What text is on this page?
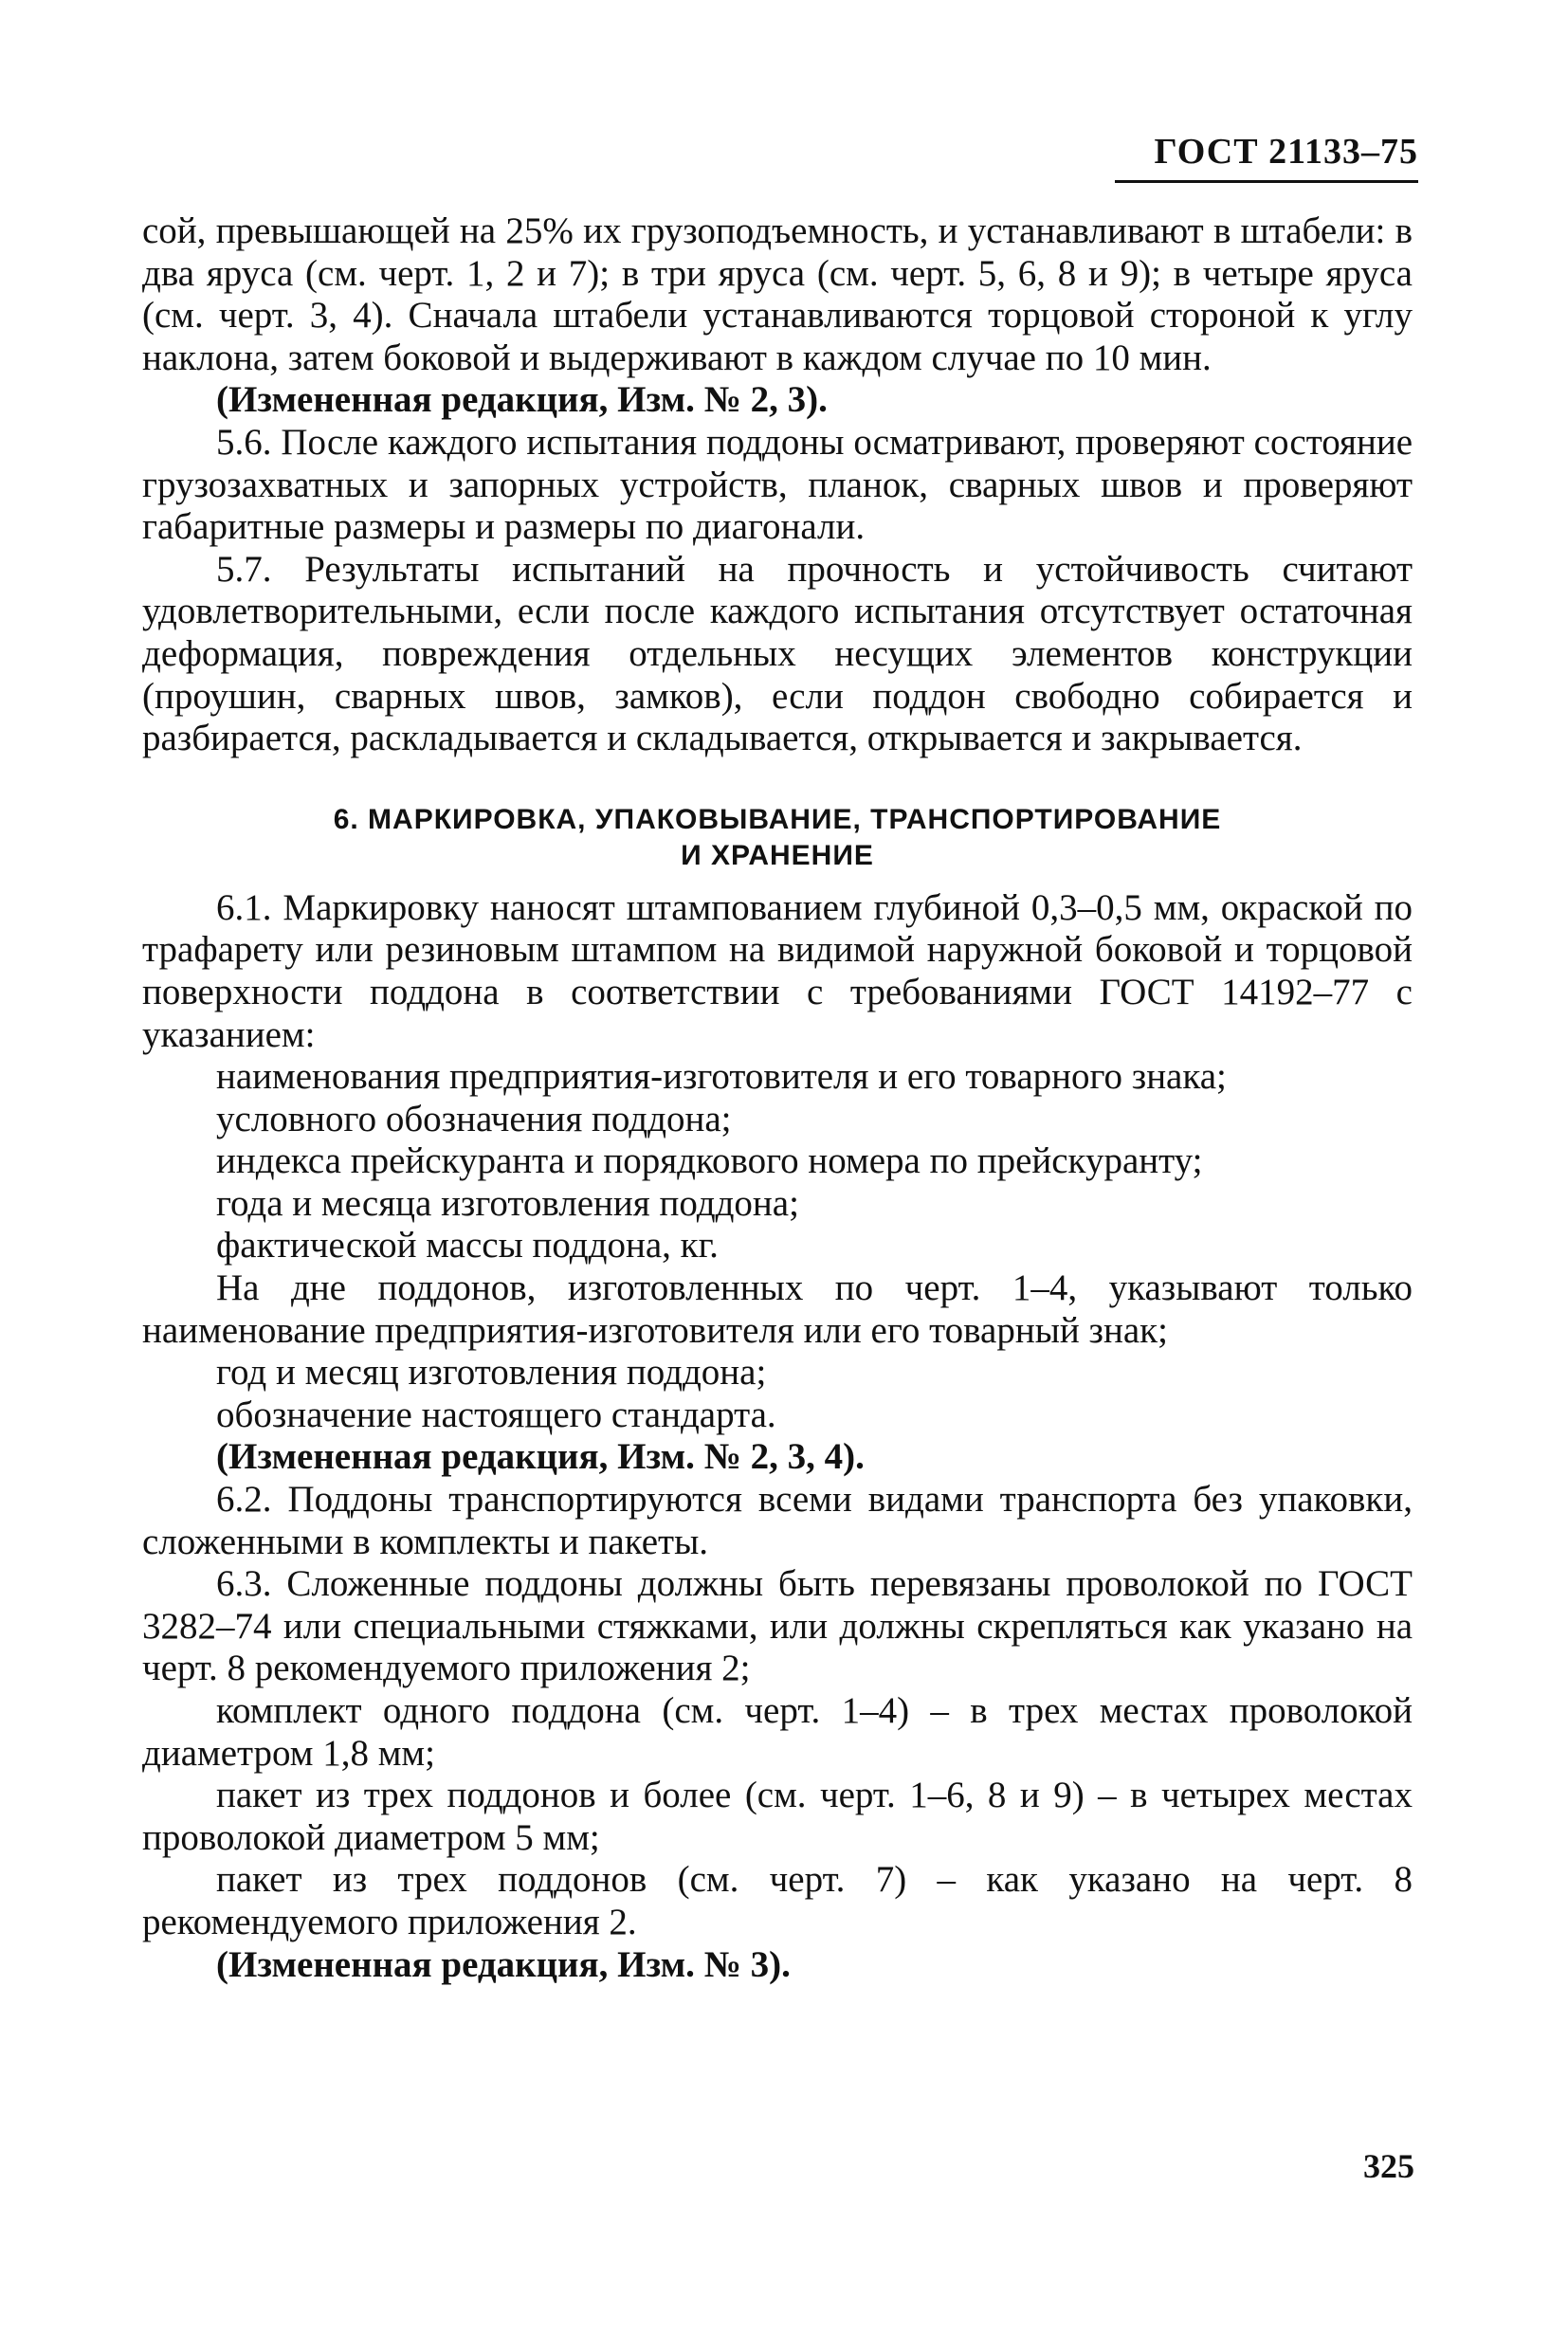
ГОСТ 21133–75

сой, превышающей на 25% их грузоподъемность, и устанавливают в штабели: в два яруса (см. черт. 1, 2 и 7); в три яруса (см. черт. 5, 6, 8 и 9); в четыре яруса (см. черт. 3, 4). Сначала штабели устанавливаются торцовой стороной к углу наклона, затем боковой и выдерживают в каждом случае по 10 мин.

(Измененная редакция, Изм. № 2, 3).

5.6. После каждого испытания поддоны осматривают, проверяют состояние грузозахватных и запорных устройств, планок, сварных швов и проверяют габаритные размеры и размеры по диагонали.

5.7. Результаты испытаний на прочность и устойчивость считают удовлетворительными, если после каждого испытания отсутствует остаточная деформация, повреждения отдельных несущих элементов конструкции (проушин, сварных швов, замков), если поддон свободно собирается и разбирается, раскладывается и складывается, открывается и закрывается.

6. МАРКИРОВКА, УПАКОВЫВАНИЕ, ТРАНСПОРТИРОВАНИЕ
И ХРАНЕНИЕ

6.1. Маркировку наносят штампованием глубиной 0,3–0,5 мм, окраской по трафарету или резиновым штампом на видимой наружной боковой и торцовой поверхности поддона в соответствии с требованиями ГОСТ 14192–77 с указанием:

наименования предприятия-изготовителя и его товарного знака;

условного обозначения поддона;

индекса прейскуранта и порядкового номера по прейскуранту;

года и месяца изготовления поддона;

фактической массы поддона, кг.

На дне поддонов, изготовленных по черт. 1–4, указывают только наименование предприятия-изготовителя или его товарный знак;

год и месяц изготовления поддона;

обозначение настоящего стандарта.

(Измененная редакция, Изм. № 2, 3, 4).

6.2. Поддоны транспортируются всеми видами транспорта без упаковки, сложенными в комплекты и пакеты.

6.3. Сложенные поддоны должны быть перевязаны проволокой по ГОСТ 3282–74 или специальными стяжками, или должны скрепляться как указано на черт. 8 рекомендуемого приложения 2;

комплект одного поддона (см. черт. 1–4) – в трех местах проволокой диаметром 1,8 мм;

пакет из трех поддонов и более (см. черт. 1–6, 8 и 9) – в четырех местах проволокой диаметром 5 мм;

пакет из трех поддонов (см. черт. 7) – как указано на черт. 8 рекомендуемого приложения 2.

(Измененная редакция, Изм. № 3).

325
